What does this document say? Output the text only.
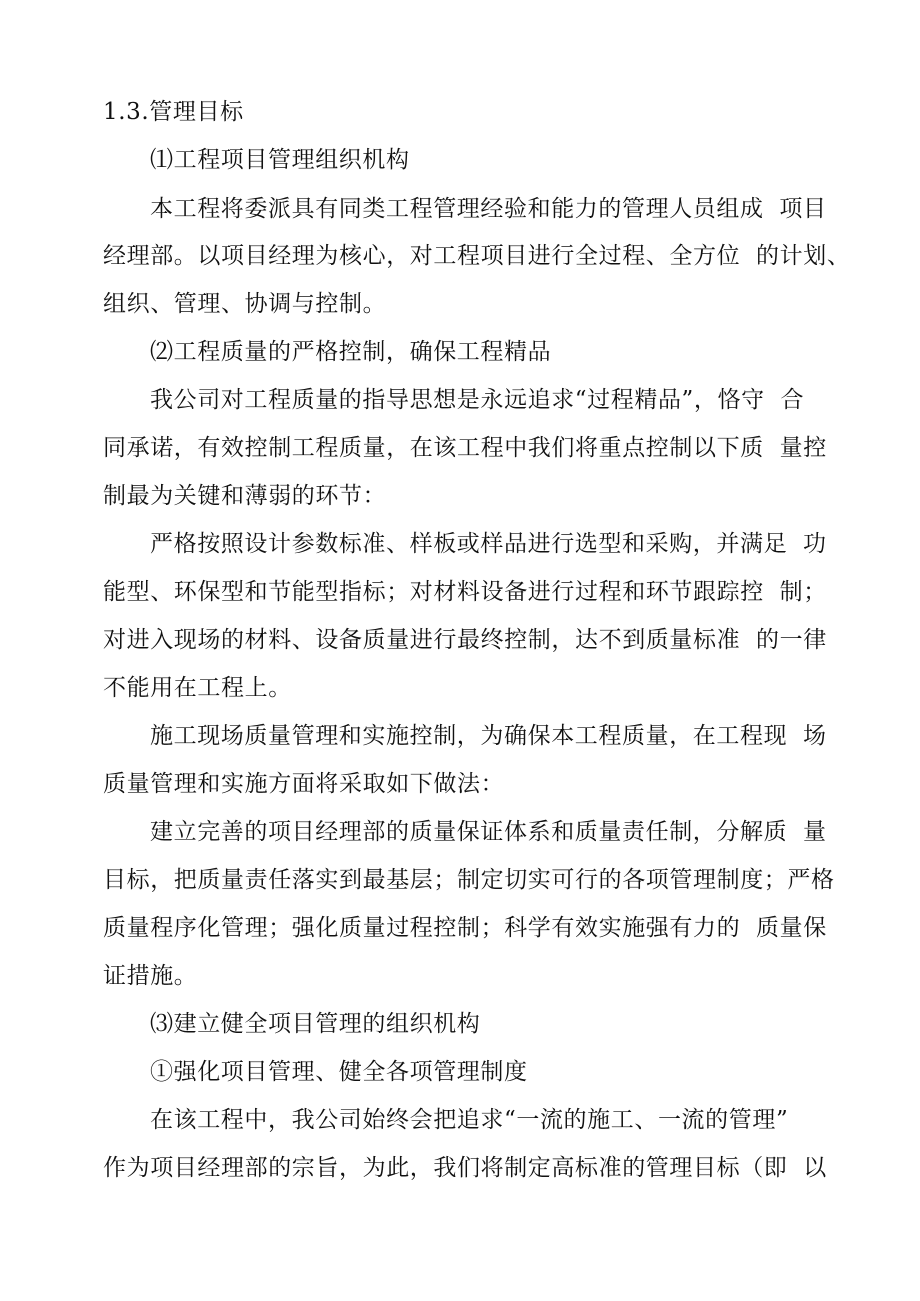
1.3.管理目标
⑴工程项目管理组织机构
本工程将委派具有同类工程管理经验和能力的管理人员组成  项目
经理部。以项目经理为核心，对工程项目进行全过程、全方位  的计划、
组织、管理、协调与控制。
⑵工程质量的严格控制，确保工程精品
我公司对工程质量的指导思想是永远追求“过程精品”，恪守  合
同承诺，有效控制工程质量，在该工程中我们将重点控制以下质  量控
制最为关键和薄弱的环节：
严格按照设计参数标准、样板或样品进行选型和采购，并满足  功
能型、环保型和节能型指标；对材料设备进行过程和环节跟踪控  制；
对进入现场的材料、设备质量进行最终控制，达不到质量标准  的一律
不能用在工程上。
施工现场质量管理和实施控制，为确保本工程质量，在工程现  场
质量管理和实施方面将采取如下做法：
建立完善的项目经理部的质量保证体系和质量责任制，分解质  量
目标，把质量责任落实到最基层；制定切实可行的各项管理制度；严格
质量程序化管理；强化质量过程控制；科学有效实施强有力的  质量保
证措施。
⑶建立健全项目管理的组织机构
①强化项目管理、健全各项管理制度
在该工程中，我公司始终会把追求“一流的施工、一流的管理”
作为项目经理部的宗旨，为此，我们将制定高标准的管理目标（即  以
